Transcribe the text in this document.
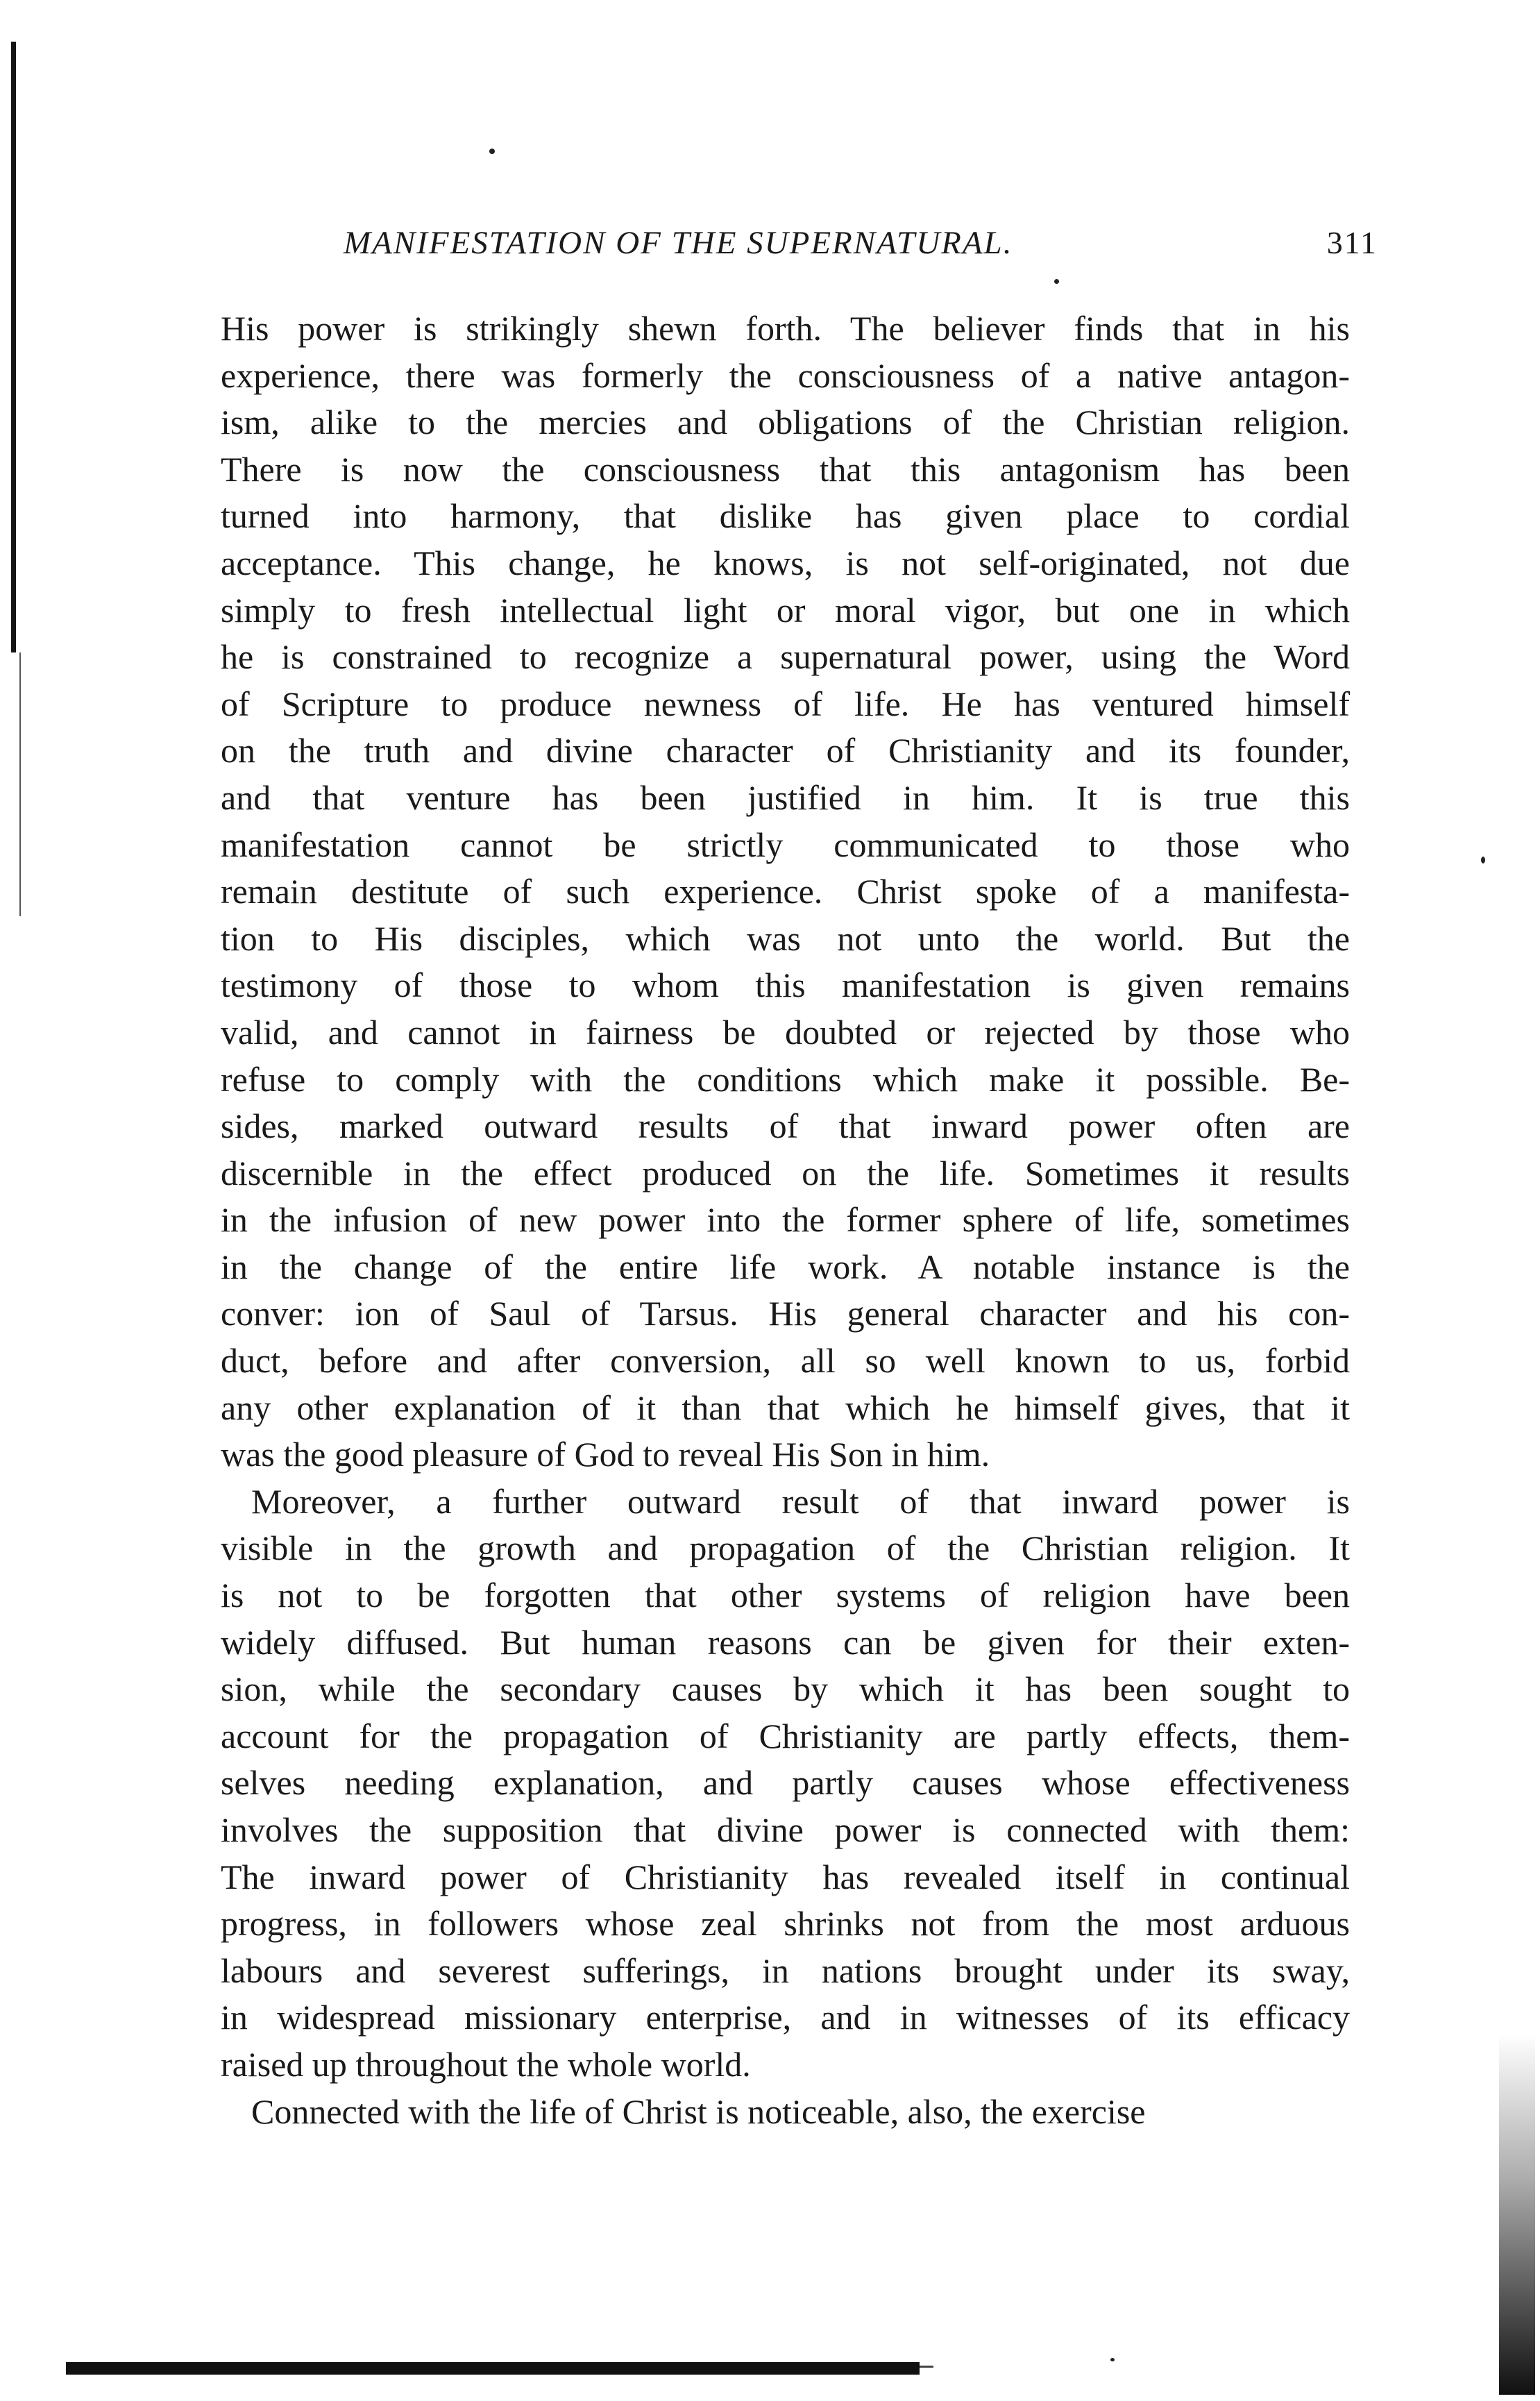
MANIFESTATION OF THE SUPERNATURAL.	311
His power is strikingly shewn forth. The believer finds that in his
experience, there was formerly the consciousness of a native antagon-
ism, alike to the mercies and obligations of the Christian religion.
There is now the consciousness that this antagonism has been
turned into harmony, that dislike has given place to cordial
acceptance. This change, he knows, is not self-originated, not due
simply to fresh intellectual light or moral vigor, but one in which
he is constrained to recognize a supernatural power, using the Word
of Scripture to produce newness of life. He has ventured himself
on the truth and divine character of Christianity and its founder,
and that venture has been justified in him. It is true this
manifestation cannot be strictly communicated to those who
remain destitute of such experience. Christ spoke of a manifesta-
tion to His disciples, which was not unto the world. But the
testimony of those to whom this manifestation is given remains
valid, and cannot in fairness be doubted or rejected by those who
refuse to comply with the conditions which make it possible. Be-
sides, marked outward results of that inward power often are
discernible in the effect produced on the life. Sometimes it results
in the infusion of new power into the former sphere of life, sometimes
in the change of the entire life work. A notable instance is the
conver: ion of Saul of Tarsus. His general character and his con-
duct, before and after conversion, all so well known to us, forbid
any other explanation of it than that which he himself gives, that it
was the good pleasure of God to reveal His Son in him.
Moreover, a further outward result of that inward power is
visible in the growth and propagation of the Christian religion. It
is not to be forgotten that other systems of religion have been
widely diffused. But human reasons can be given for their exten-
sion, while the secondary causes by which it has been sought to
account for the propagation of Christianity are partly effects, them-
selves needing explanation, and partly causes whose effectiveness
involves the supposition that divine power is connected with them:
The inward power of Christianity has revealed itself in continual
progress, in followers whose zeal shrinks not from the most arduous
labours and severest sufferings, in nations brought under its sway,
in widespread missionary enterprise, and in witnesses of its efficacy
raised up throughout the whole world.
Connected with the life of Christ is noticeable, also, the exercise
